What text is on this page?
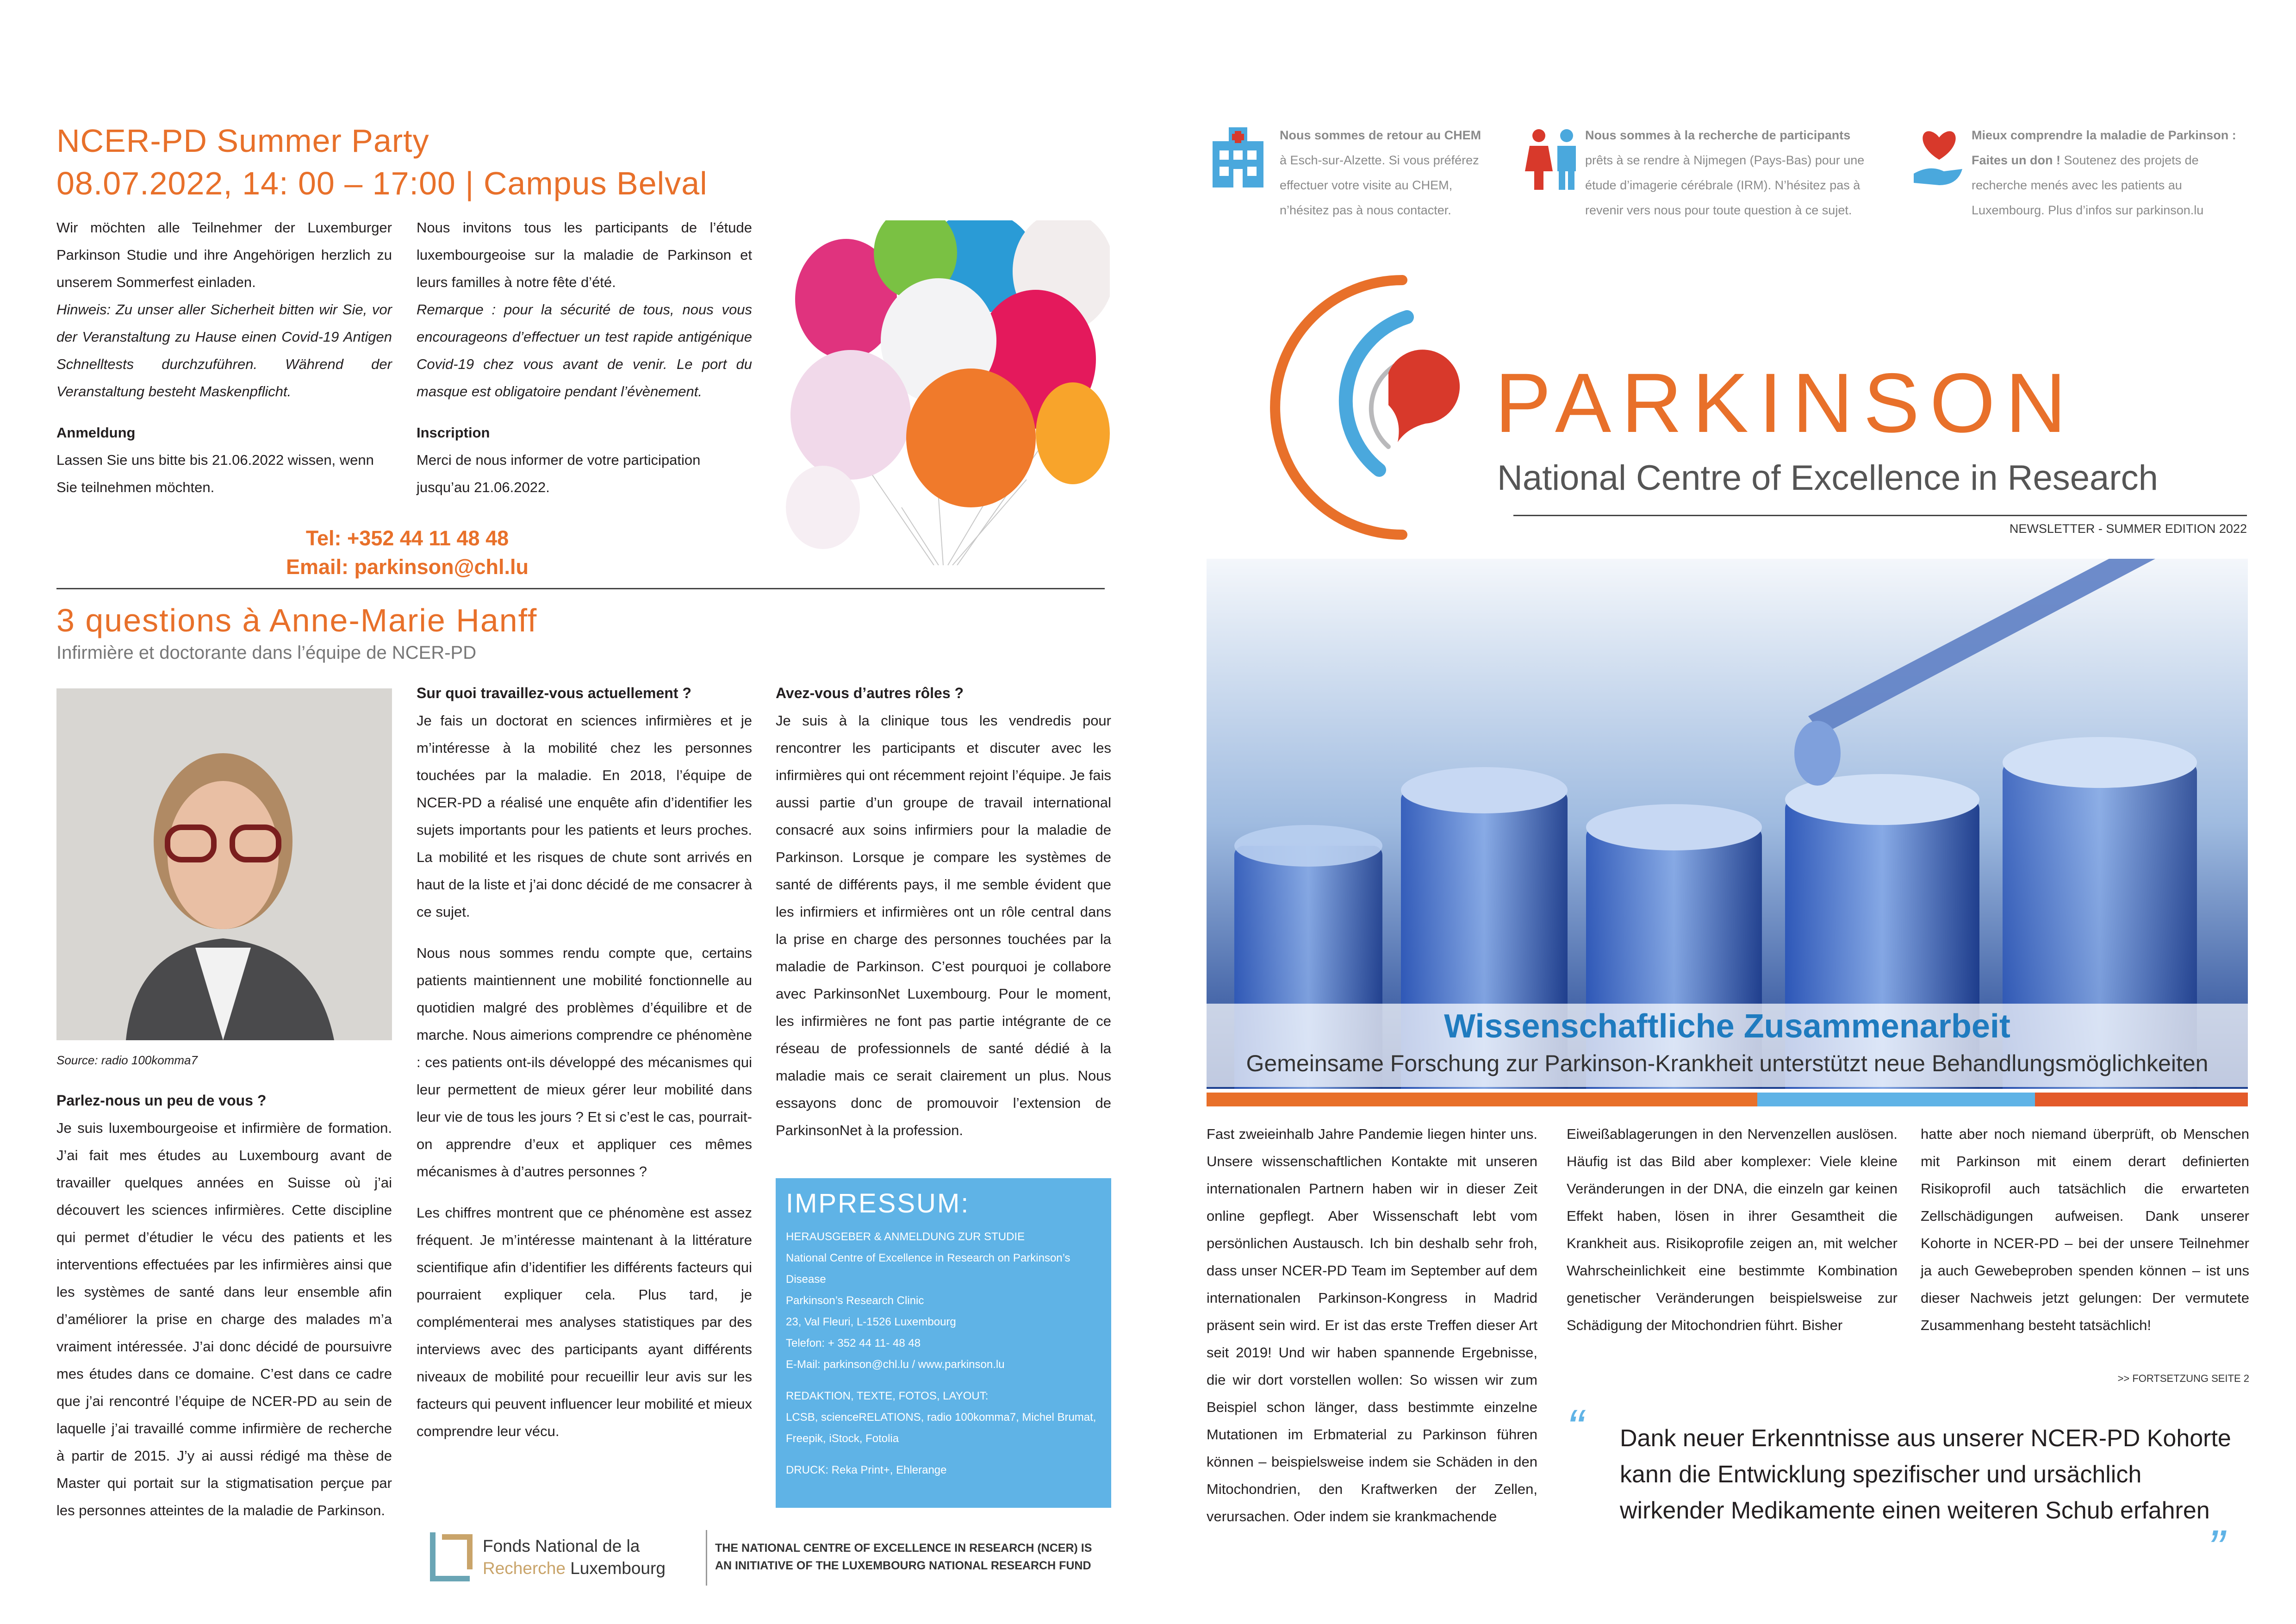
NCER-PD Summer Party
08.07.2022, 14: 00 – 17:00 | Campus Belval

Wir möchten alle Teilnehmer der Luxemburger Parkinson Studie und ihre Angehörigen herzlich zu unserem Sommerfest einladen.

Hinweis: Zu unser aller Sicherheit bitten wir Sie, vor der Veranstaltung zu Hause einen Covid-19 Antigen Schnelltests durchzuführen. Während der Veranstaltung besteht Maskenpflicht.

Anmeldung

Lassen Sie uns bitte bis 21.06.2022 wissen, wenn Sie teilnehmen möchten.

Nous invitons tous les participants de l’étude luxembourgeoise sur la maladie de Parkinson et leurs familles à notre fête d’été.

Remarque : pour la sécurité de tous, nous vous encourageons d’effectuer un test rapide antigénique Covid-19 chez vous avant de venir. Le port du masque est obligatoire pendant l’évènement.

Inscription

Merci de nous informer de votre participation jusqu’au 21.06.2022.

Tel: +352 44 11 48 48
Email: parkinson@chl.lu
3 questions à Anne-Marie Hanff
Infirmière et doctorante dans l’équipe de NCER-PD
Source: radio 100komma7

Parlez-nous un peu de vous ?

Je suis luxembourgeoise et infirmière de formation. J’ai fait mes études au Luxembourg avant de travailler quelques années en Suisse où j’ai découvert les sciences infirmières. Cette discipline qui permet d’étudier le vécu des patients et les interventions effectuées par les infirmières ainsi que les systèmes de santé dans leur ensemble afin d’améliorer la prise en charge des malades m’a vraiment intéressée. J’ai donc décidé de poursuivre mes études dans ce domaine. C’est dans ce cadre que j’ai rencontré l’équipe de NCER-PD au sein de laquelle j’ai travaillé comme infirmière de recherche à partir de 2015. J’y ai aussi rédigé ma thèse de Master qui portait sur la stigmatisation perçue par les personnes atteintes de la maladie de Parkinson.

Sur quoi travaillez-vous actuellement ?

Je fais un doctorat en sciences infirmières et je m’intéresse à la mobilité chez les personnes touchées par la maladie. En 2018, l’équipe de NCER-PD a réalisé une enquête afin d’identifier les sujets importants pour les patients et leurs proches. La mobilité et les risques de chute sont arrivés en haut de la liste et j’ai donc décidé de me consacrer à ce sujet.

Nous nous sommes rendu compte que, certains patients maintiennent une mobilité fonctionnelle au quotidien malgré des problèmes d’équilibre et de marche. Nous aimerions comprendre ce phénomène : ces patients ont-ils développé des mécanismes qui leur permettent de mieux gérer leur mobilité dans leur vie de tous les jours ? Et si c’est le cas, pourrait-on apprendre d’eux et appliquer ces mêmes mécanismes à d’autres personnes ?

Les chiffres montrent que ce phénomène est assez fréquent. Je m’intéresse maintenant à la littérature scientifique afin d’identifier les différents facteurs qui pourraient expliquer cela. Plus tard, je complémenterai mes analyses statistiques par des interviews avec des participants ayant différents niveaux de mobilité pour recueillir leur avis sur les facteurs qui peuvent influencer leur mobilité et mieux comprendre leur vécu.

Avez-vous d’autres rôles ?

Je suis à la clinique tous les vendredis pour rencontrer les participants et discuter avec les infirmières qui ont récemment rejoint l’équipe. Je fais aussi partie d’un groupe de travail international consacré aux soins infirmiers pour la maladie de Parkinson. Lorsque je compare les systèmes de santé de différents pays, il me semble évident que les infirmiers et infirmières ont un rôle central dans la prise en charge des personnes touchées par la maladie de Parkinson. C’est pourquoi je collabore avec ParkinsonNet Luxembourg. Pour le moment, les infirmières ne font pas partie intégrante de ce réseau de professionnels de santé dédié à la maladie mais ce serait clairement un plus. Nous essayons donc de promouvoir l’extension de ParkinsonNet à la profession.

IMPRESSUM:
HERAUSGEBER & ANMELDUNG ZUR STUDIE
National Centre of Excellence in Research on Parkinson’s
Disease
Parkinson’s Research Clinic
23, Val Fleuri, L-1526 Luxembourg
Telefon: + 352 44 11- 48 48
E-Mail: parkinson@chl.lu / www.parkinson.lu
REDAKTION, TEXTE, FOTOS, LAYOUT:
LCSB, scienceRELATIONS, radio 100komma7, Michel Brumat,
Freepik, iStock, Fotolia
DRUCK: Reka Print+, Ehlerange
Fonds National de la
Recherche Luxembourg
THE NATIONAL CENTRE OF EXCELLENCE IN RESEARCH (NCER) IS
AN INITIATIVE OF THE LUXEMBOURG NATIONAL RESEARCH FUND
Nous sommes de retour au CHEM
à Esch-sur-Alzette. Si vous préférez
effectuer votre visite au CHEM,
n’hésitez pas à nous contacter.
Nous sommes à la recherche de participants
prêts à se rendre à Nijmegen (Pays-Bas) pour une
étude d’imagerie cérébrale (IRM). N’hésitez pas à
revenir vers nous pour toute question à ce sujet.
Mieux comprendre la maladie de Parkinson :
Faites un don ! Soutenez des projets de
recherche menés avec les patients au
Luxembourg. Plus d’infos sur parkinson.lu
PARKINSON
National Centre of Excellence in Research
NEWSLETTER - SUMMER EDITION 2022
Wissenschaftliche Zusammenarbeit
Gemeinsame Forschung zur Parkinson-Krankheit unterstützt neue Behandlungsmöglichkeiten

Fast zweieinhalb Jahre Pandemie liegen hinter uns. Unsere wissenschaftlichen Kontakte mit unseren internationalen Partnern haben wir in dieser Zeit online gepflegt. Aber Wissenschaft lebt vom persönlichen Austausch. Ich bin deshalb sehr froh, dass unser NCER-PD Team im September auf dem internationalen Parkinson-Kongress in Madrid präsent sein wird. Er ist das erste Treffen dieser Art seit 2019! Und wir haben spannende Ergebnisse, die wir dort vorstellen wollen: So wissen wir zum Beispiel schon länger, dass bestimmte einzelne Mutationen im Erbmaterial zu Parkinson führen können – beispielsweise indem sie Schäden in den Mitochondrien, den Kraftwerken der Zellen, verursachen. Oder indem sie krankmachende

Eiweißablagerungen in den Nervenzellen auslösen. Häufig ist das Bild aber komplexer: Viele kleine Veränderungen in der DNA, die einzeln gar keinen Effekt haben, lösen in ihrer Gesamtheit die Krankheit aus. Risikoprofile zeigen an, mit welcher Wahrscheinlichkeit eine bestimmte Kombination genetischer Veränderungen beispielsweise zur Schädigung der Mitochondrien führt. Bisher

hatte aber noch niemand überprüft, ob Menschen mit Parkinson mit einem derart definierten Risikoprofil auch tatsächlich die erwarteten Zellschädigungen aufweisen. Dank unserer Kohorte in NCER-PD – bei der unsere Teilnehmer ja auch Gewebeproben spenden können – ist uns dieser Nachweis jetzt gelungen: Der vermutete Zusammenhang besteht tatsächlich!

>> FORTSETZUNG SEITE 2
“ Dank neuer Erkenntnisse aus unserer NCER-PD Kohorte kann die Entwicklung spezifischer und ursächlich wirkender Medikamente einen weiteren Schub erfahren
”
